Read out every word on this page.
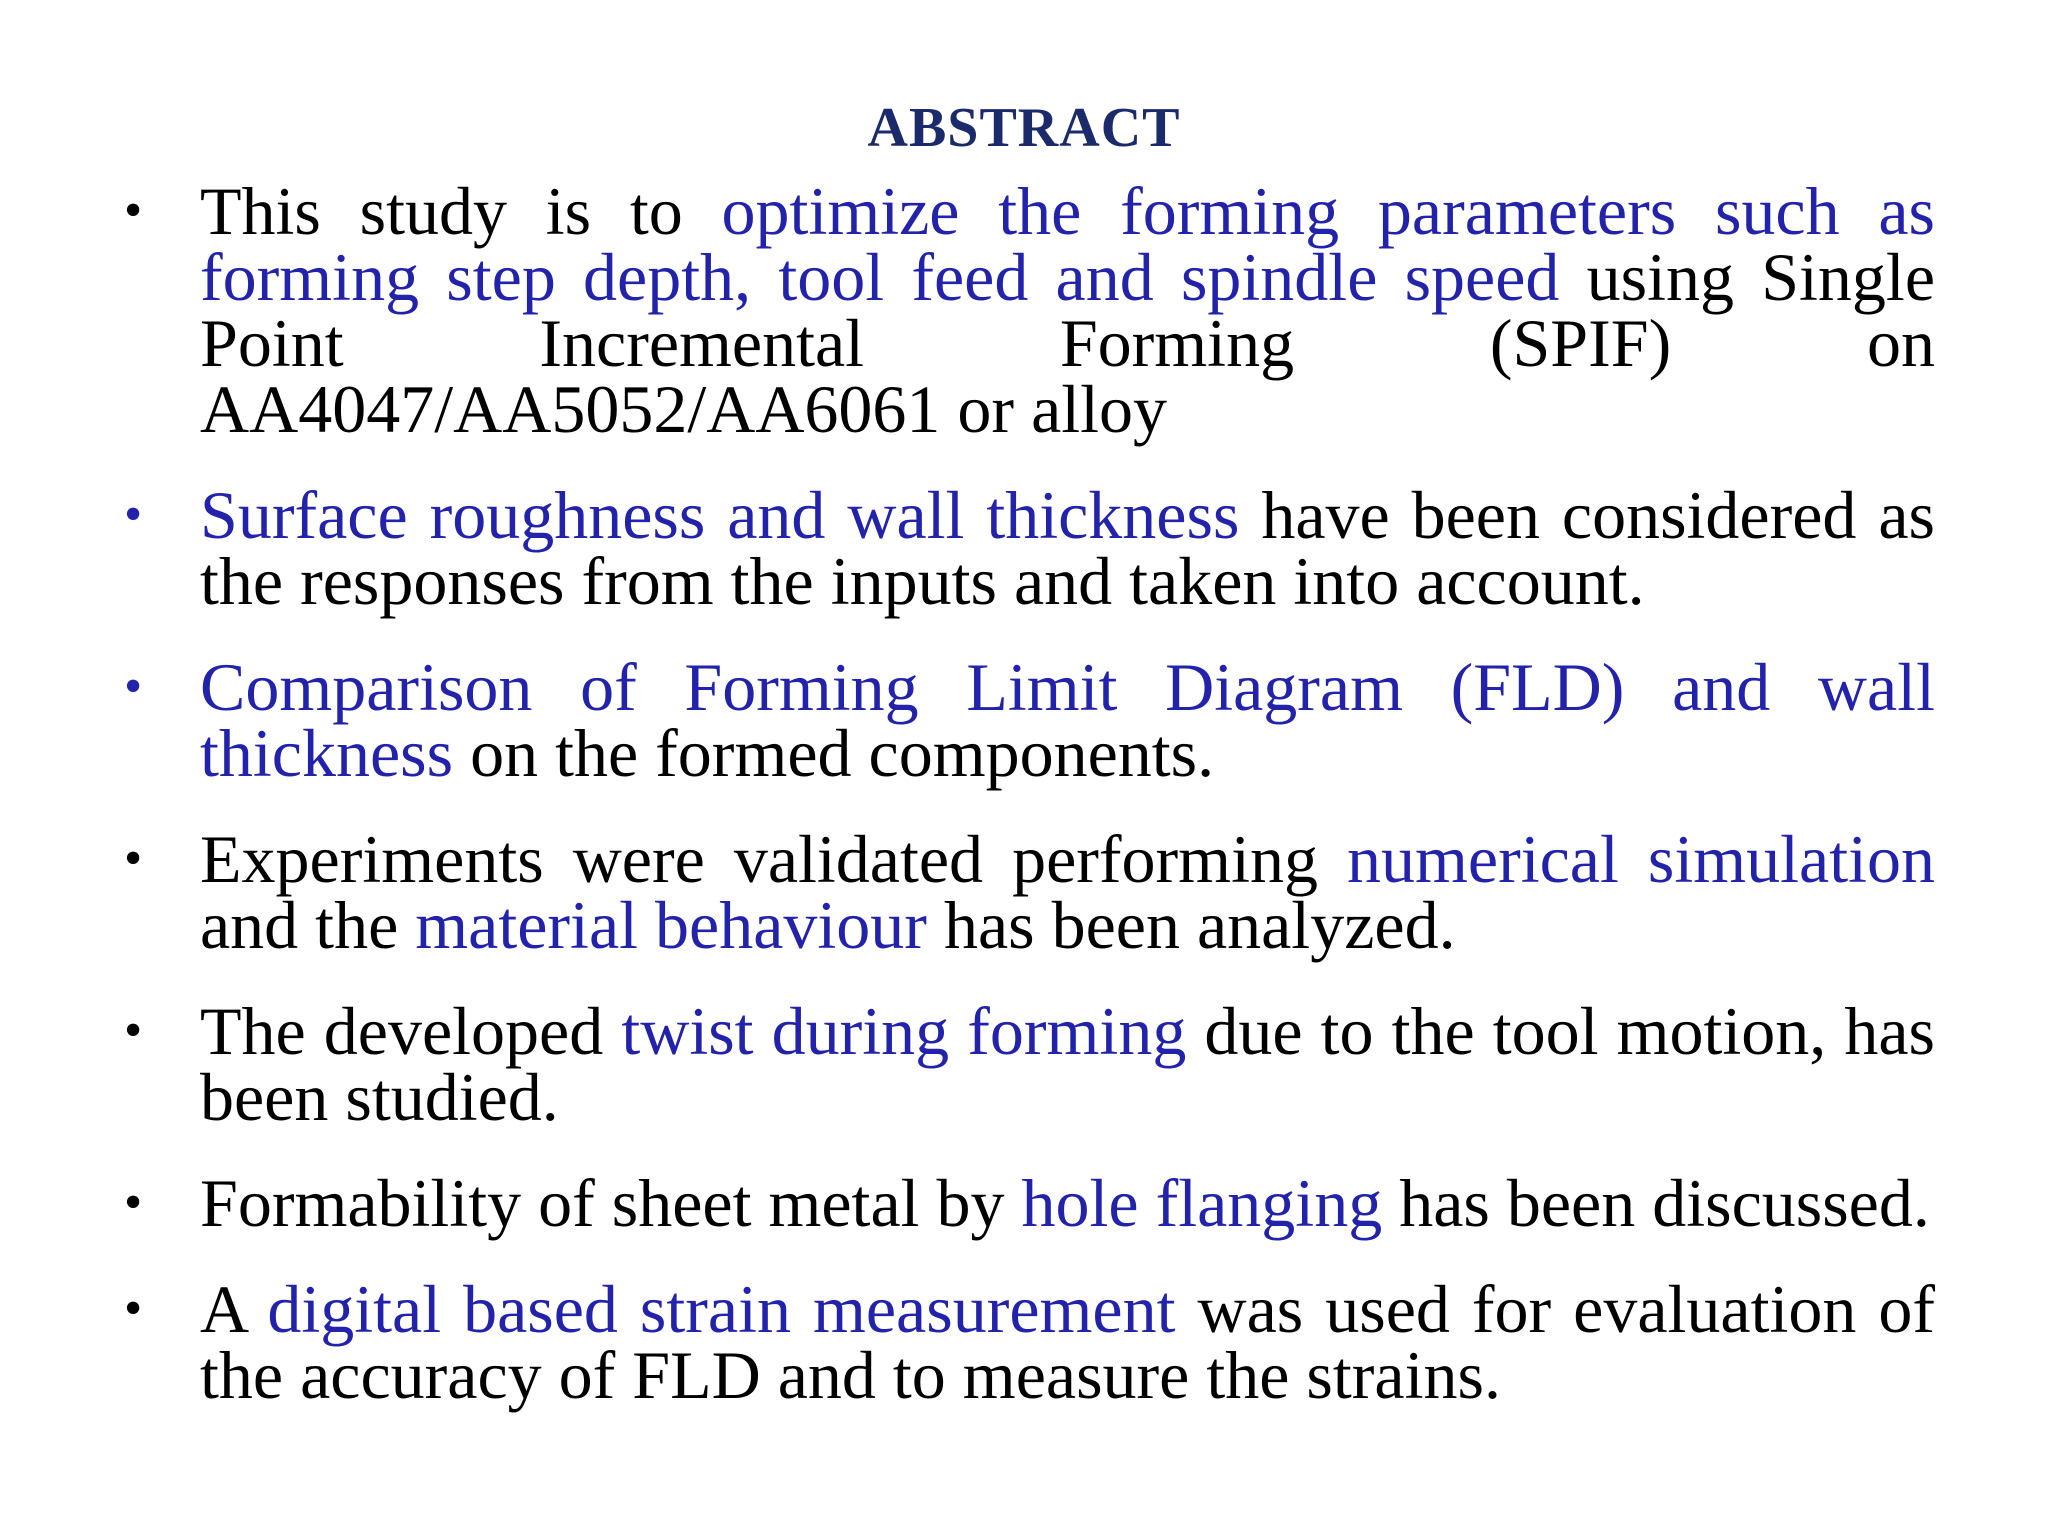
ABSTRACT
• This study is to optimize the forming parameters such as forming step depth, tool feed and spindle speed using Single Point Incremental Forming (SPIF) on AA4047/AA5052/AA6061 or alloy
• Surface roughness and wall thickness have been considered as the responses from the inputs and taken into account.
• Comparison of Forming Limit Diagram (FLD) and wall thickness on the formed components.
• Experiments were validated performing numerical simulation and the material behaviour has been analyzed.
• The developed twist during forming due to the tool motion, has been studied.
• Formability of sheet metal by hole flanging has been discussed.
• A digital based strain measurement was used for evaluation of the accuracy of FLD and to measure the strains.
